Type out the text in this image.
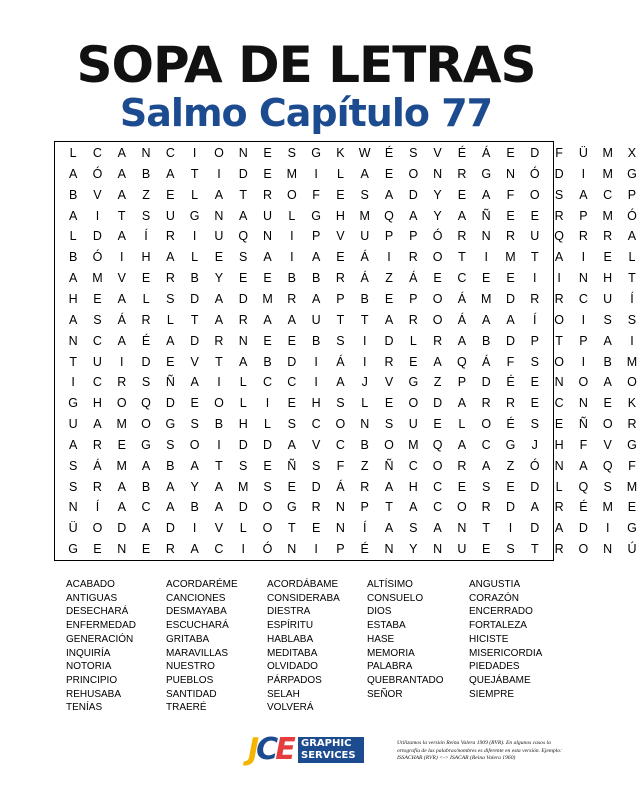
SOPA DE LETRAS
Salmo Capítulo 77
L	C	A	N	C	I	O	N	E	S	G	K	W	É	S	V	É	Á	E	D	F	Ü	M	X
A	Ó	A	B	A	T	I	D	E	M	I	L	A	E	O	N	R	G	N	Ó	D	I	M	G
B	V	A	Z	E	L	A	T	R	O	F	E	S	A	D	Y	E	A	F	O	S	A	C	P
A	I	T	S	U	G	N	A	U	L	G	H	M	Q	A	Y	A	Ñ	E	E	R	P	M	Ó
L	D	A	Í	R	I	U	Q	N	I	P	V	U	P	P	Ó	R	N	R	U	Q	R	R	A
B	Ó	I	H	A	L	E	S	A	I	A	E	Á	I	R	O	T	I	M	T	A	I	E	L
A	M	V	E	R	B	Y	E	E	B	B	R	Á	Z	Á	E	C	E	E	I	I	N	H	T
H	E	A	L	S	D	A	D	M	R	A	P	B	E	P	O	Á	M	D	R	R	C	U	Í
A	S	Á	R	L	T	A	R	A	A	U	T	T	A	R	O	Á	A	A	Í	O	I	S	S
N	C	A	É	A	D	R	N	E	E	B	S	I	D	L	R	A	B	D	P	T	P	A	I
T	U	I	D	E	V	T	A	B	D	I	Á	I	R	E	A	Q	Á	F	S	O	I	B	M
I	C	R	S	Ñ	A	I	L	C	C	I	A	J	V	G	Z	P	D	É	E	N	O	A	O
G	H	O	Q	D	E	O	L	I	E	H	S	L	E	O	D	A	R	R	E	C	N	E	K
U	A	M	O	G	S	B	H	L	S	C	O	N	S	U	E	L	O	É	S	E	Ñ	O	R
A	R	E	G	S	O	I	D	D	A	V	C	B	O	M	Q	A	C	G	J	H	F	V	G
S	Á	M	A	B	A	T	S	E	Ñ	S	F	Z	Ñ	C	O	R	A	Z	Ó	N	A	Q	F
S	R	A	B	A	Y	A	M	S	E	D	Á	R	A	H	C	E	S	E	D	L	Q	S	M
N	Í	A	C	A	B	A	D	O	G	R	N	P	T	A	C	O	R	D	A	R	É	M	E
Ü	O	D	A	D	I	V	L	O	T	E	N	Í	A	S	A	N	T	I	D	A	D	I	G
G	E	N	E	R	A	C	I	Ó	N	I	P	É	N	Y	N	U	E	S	T	R	O	N	Ú
ACABADO
ANTIGUAS
DESECHARÁ
ENFERMEDAD
GENERACIÓN
INQUIRÍA
NOTORIA
PRINCIPIO
REHUSABA
TENÍAS
ACORDARÉME
CANCIONES
DESMAYABA
ESCUCHARÁ
GRITABA
MARAVILLAS
NUESTRO
PUEBLOS
SANTIDAD
TRAERÉ
ACORDÁBAME
CONSIDERABA
DIESTRA
ESPÍRITU
HABLABA
MEDITABA
OLVIDADO
PÁRPADOS
SELAH
VOLVERÁ
ALTÍSIMO
CONSUELO
DIOS
ESTABA
HASE
MEMORIA
PALABRA
QUEBRANTADO
SEÑOR
ANGUSTIA
CORAZÓN
ENCERRADO
FORTALEZA
HICISTE
MISERICORDIA
PIEDADES
QUEJÁBAME
SIEMPRE
JCE GRAPHIC
SERVICES
Utilizamos la versión Reina Valera 1909 (RVR). En algunos casos la ortografía de las palabras/nombres es diferente en esta versión. Ejemplo: ISSACHAR (RVR) <-> ISACAR (Reina Valera 1960)
